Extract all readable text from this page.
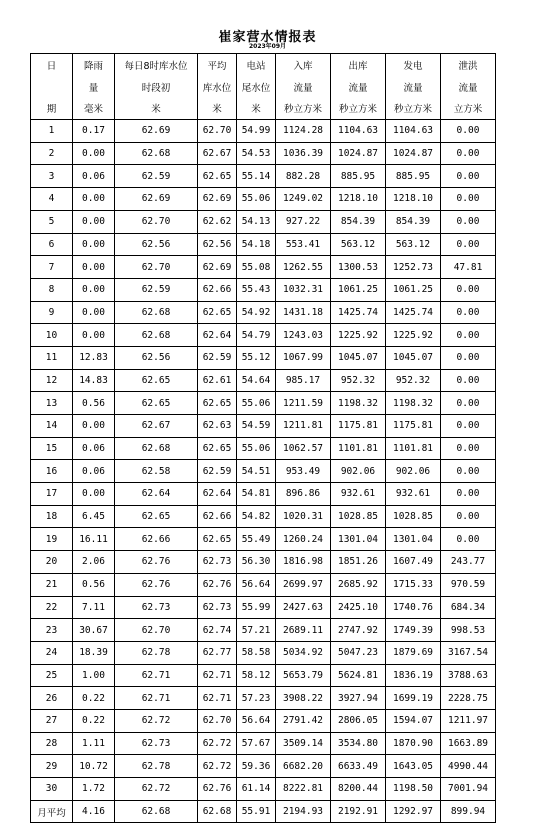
崔家营水情报表
2023年09月
日	降雨	每日8时库水位	平均	电站	入库	出库	发电	泄洪
	量	时段初	库水位	尾水位	流量	流量	流量	流量
期	毫米	米	米	米	秒立方米	秒立方米	秒立方米	立方米
1	0.17	62.69	62.70	54.99	1124.28	1104.63	1104.63	0.00
2	0.00	62.68	62.67	54.53	1036.39	1024.87	1024.87	0.00
3	0.06	62.59	62.65	55.14	882.28	885.95	885.95	0.00
4	0.00	62.69	62.69	55.06	1249.02	1218.10	1218.10	0.00
5	0.00	62.70	62.62	54.13	927.22	854.39	854.39	0.00
6	0.00	62.56	62.56	54.18	553.41	563.12	563.12	0.00
7	0.00	62.70	62.69	55.08	1262.55	1300.53	1252.73	47.81
8	0.00	62.59	62.66	55.43	1032.31	1061.25	1061.25	0.00
9	0.00	62.68	62.65	54.92	1431.18	1425.74	1425.74	0.00
10	0.00	62.68	62.64	54.79	1243.03	1225.92	1225.92	0.00
11	12.83	62.56	62.59	55.12	1067.99	1045.07	1045.07	0.00
12	14.83	62.65	62.61	54.64	985.17	952.32	952.32	0.00
13	0.56	62.65	62.65	55.06	1211.59	1198.32	1198.32	0.00
14	0.00	62.67	62.63	54.59	1211.81	1175.81	1175.81	0.00
15	0.06	62.68	62.65	55.06	1062.57	1101.81	1101.81	0.00
16	0.06	62.58	62.59	54.51	953.49	902.06	902.06	0.00
17	0.00	62.64	62.64	54.81	896.86	932.61	932.61	0.00
18	6.45	62.65	62.66	54.82	1020.31	1028.85	1028.85	0.00
19	16.11	62.66	62.65	55.49	1260.24	1301.04	1301.04	0.00
20	2.06	62.76	62.73	56.30	1816.98	1851.26	1607.49	243.77
21	0.56	62.76	62.76	56.64	2699.97	2685.92	1715.33	970.59
22	7.11	62.73	62.73	55.99	2427.63	2425.10	1740.76	684.34
23	30.67	62.70	62.74	57.21	2689.11	2747.92	1749.39	998.53
24	18.39	62.78	62.77	58.58	5034.92	5047.23	1879.69	3167.54
25	1.00	62.71	62.71	58.12	5653.79	5624.81	1836.19	3788.63
26	0.22	62.71	62.71	57.23	3908.22	3927.94	1699.19	2228.75
27	0.22	62.72	62.70	56.64	2791.42	2806.05	1594.07	1211.97
28	1.11	62.73	62.72	57.67	3509.14	3534.80	1870.90	1663.89
29	10.72	62.78	62.72	59.36	6682.20	6633.49	1643.05	4990.44
30	1.72	62.72	62.76	61.14	8222.81	8200.44	1198.50	7001.94
月平均	4.16	62.68	62.68	55.91	2194.93	2192.91	1292.97	899.94
